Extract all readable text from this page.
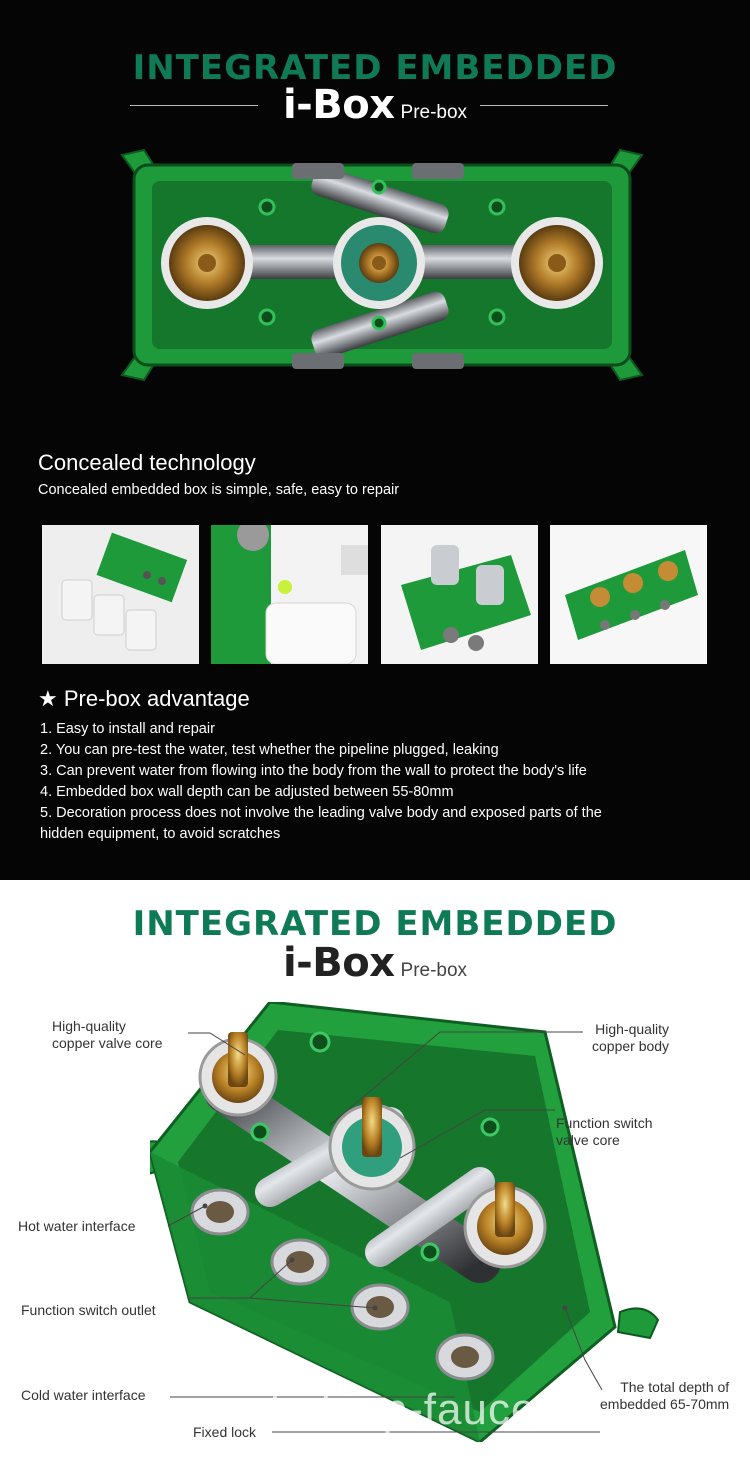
INTEGRATED EMBEDDED
i-Box Pre-box
Concealed technology
Concealed embedded box is simple, safe, easy to repair
★ Pre-box advantage
1. Easy to install and repair
2. You can pre-test the water, test whether the pipeline plugged, leaking
3. Can prevent water from flowing into the body from the wall to protect the body's life
4. Embedded box wall depth can be adjusted between 55-80mm
5. Decoration process does not involve the leading valve body and exposed parts of the
hidden equipment, to avoid scratches
INTEGRATED EMBEDDED
i-Box Pre-box
High-quality
copper valve core
High-quality
copper body
Function switch
valve core
Hot water interface
Function switch outlet
Cold water interface	The total depth of
embedded 65-70mm
Fixed lock hideep-fauce
